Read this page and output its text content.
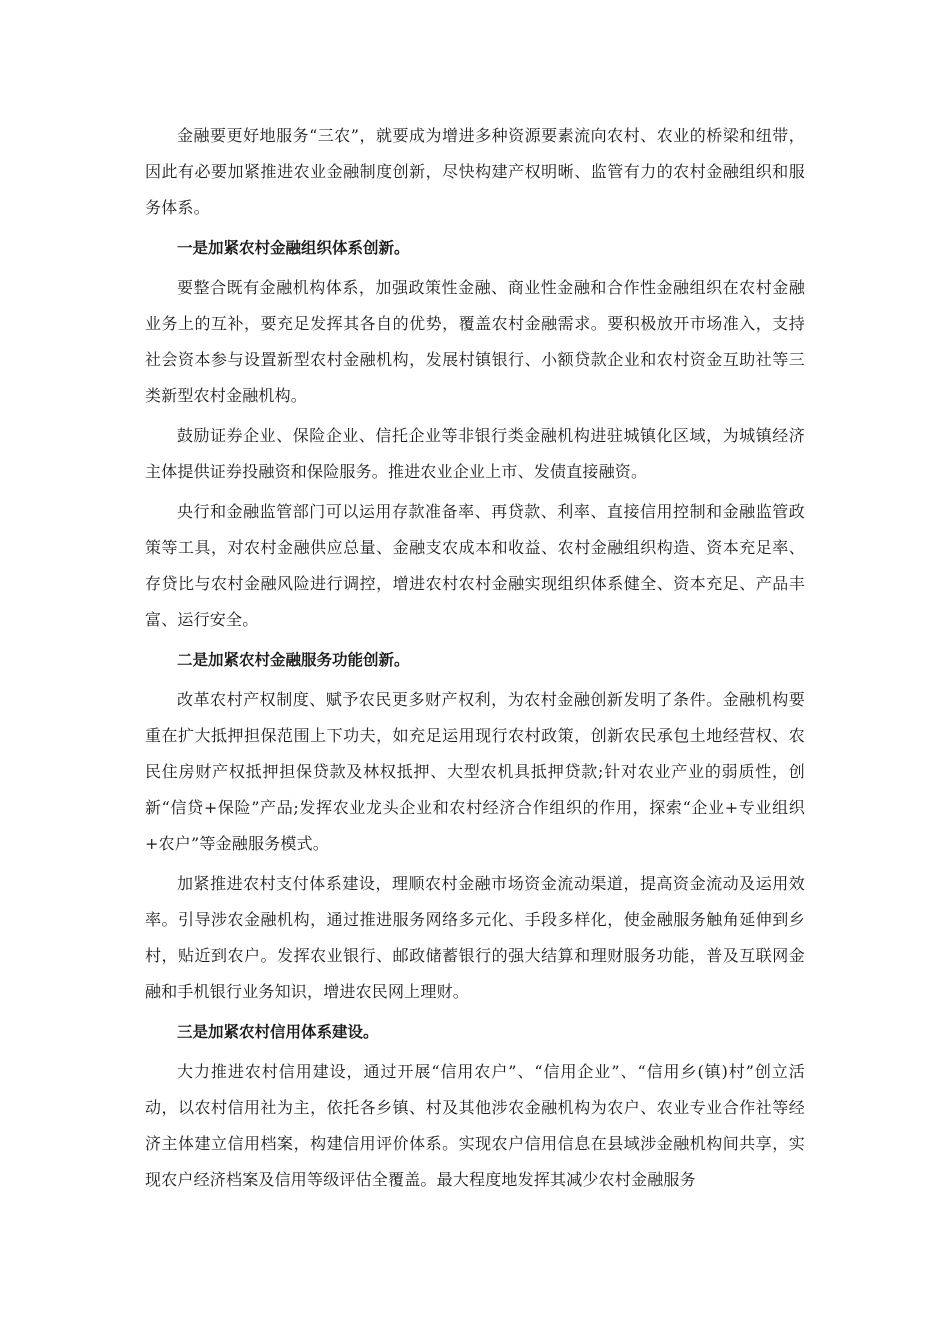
金融要更好地服务“三农”，就要成为增进多种资源要素流向农村、农业的桥梁和纽带，因此有必要加紧推进农业金融制度创新，尽快构建产权明晰、监管有力的农村金融组织和服务体系。

一是加紧农村金融组织体系创新。

要整合既有金融机构体系，加强政策性金融、商业性金融和合作性金融组织在农村金融业务上的互补，要充足发挥其各自的优势，覆盖农村金融需求。要积极放开市场准入，支持社会资本参与设置新型农村金融机构，发展村镇银行、小额贷款企业和农村资金互助社等三类新型农村金融机构。

鼓励证券企业、保险企业、信托企业等非银行类金融机构进驻城镇化区域，为城镇经济主体提供证券投融资和保险服务。推进农业企业上市、发债直接融资。

央行和金融监管部门可以运用存款准备率、再贷款、利率、直接信用控制和金融监管政策等工具，对农村金融供应总量、金融支农成本和收益、农村金融组织构造、资本充足率、存贷比与农村金融风险进行调控，增进农村农村金融实现组织体系健全、资本充足、产品丰富、运行安全。

二是加紧农村金融服务功能创新。

改革农村产权制度、赋予农民更多财产权利，为农村金融创新发明了条件。金融机构要重在扩大抵押担保范围上下功夫，如充足运用现行农村政策，创新农民承包土地经营权、农民住房财产权抵押担保贷款及林权抵押、大型农机具抵押贷款;针对农业产业的弱质性，创新“信贷+保险”产品;发挥农业龙头企业和农村经济合作组织的作用，探索“企业+专业组织+农户”等金融服务模式。

加紧推进农村支付体系建设，理顺农村金融市场资金流动渠道，提高资金流动及运用效率。引导涉农金融机构，通过推进服务网络多元化、手段多样化，使金融服务触角延伸到乡村，贴近到农户。发挥农业银行、邮政储蓄银行的强大结算和理财服务功能，普及互联网金融和手机银行业务知识，增进农民网上理财。

三是加紧农村信用体系建设。

大力推进农村信用建设，通过开展“信用农户”、“信用企业”、“信用乡(镇)村”创立活动，以农村信用社为主，依托各乡镇、村及其他涉农金融机构为农户、农业专业合作社等经济主体建立信用档案，构建信用评价体系。实现农户信用信息在县域涉金融机构间共享，实现农户经济档案及信用等级评估全覆盖。最大程度地发挥其减少农村金融服务
